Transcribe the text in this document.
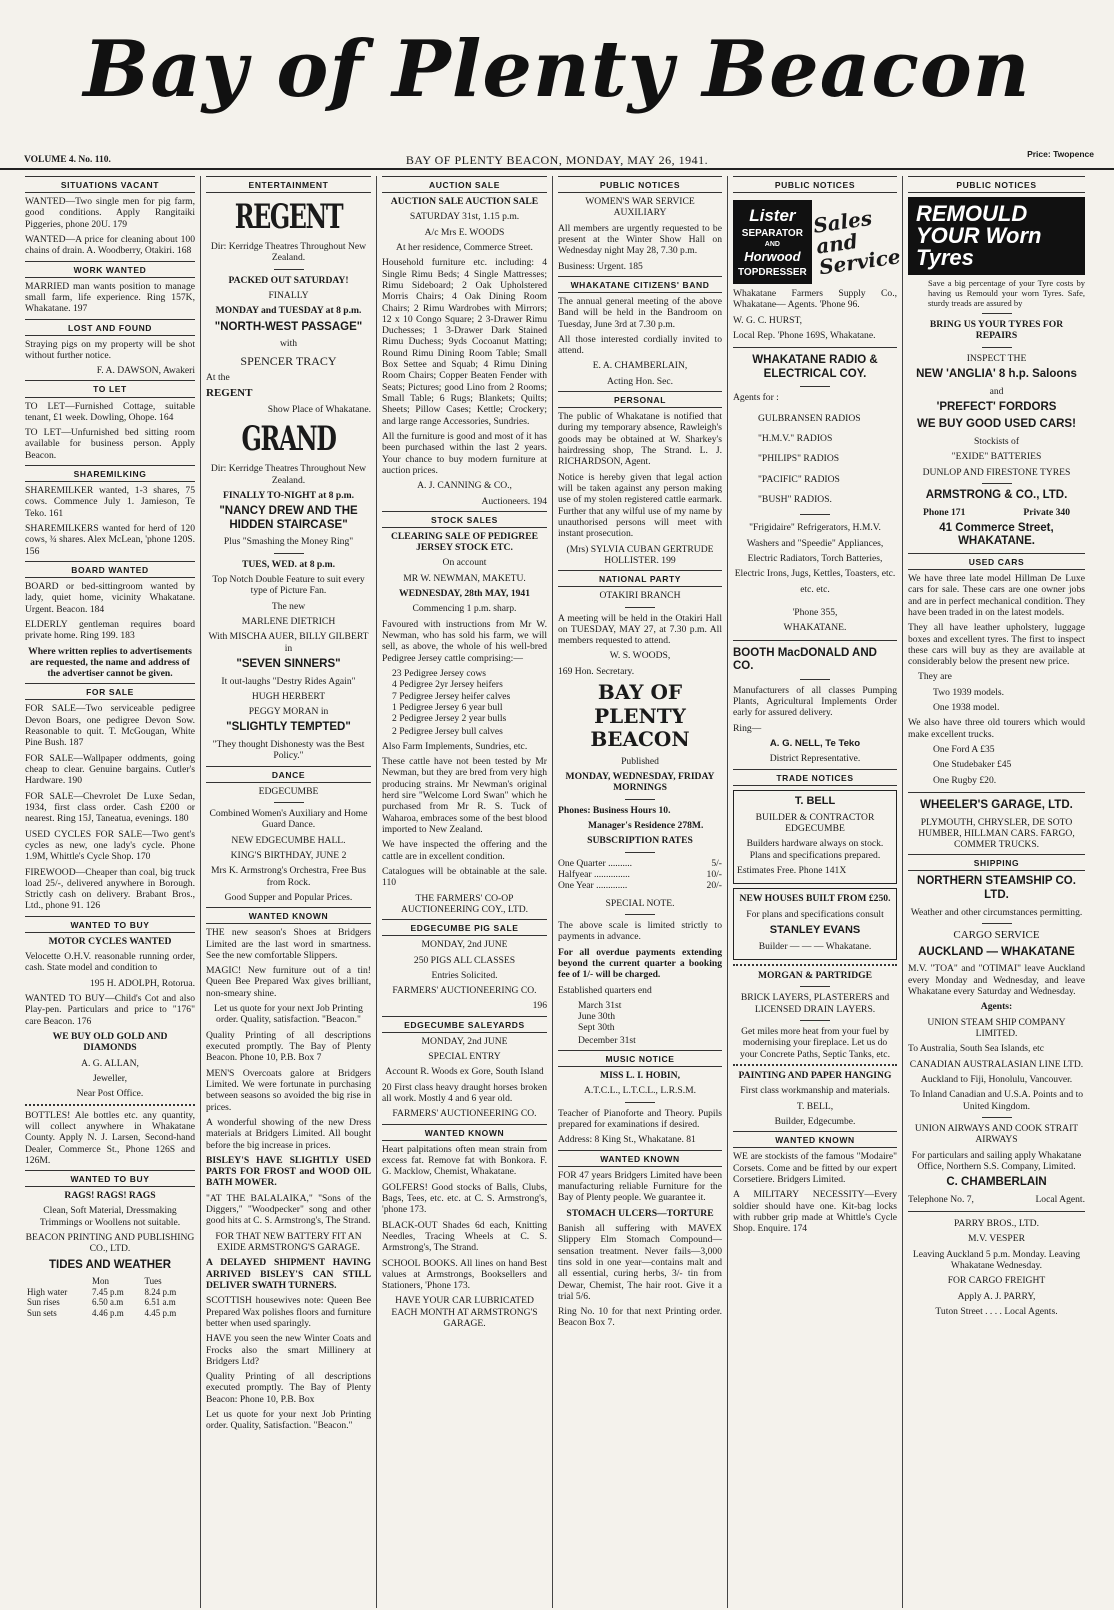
Bay of Plenty Beacon
VOLUME 4. No. 110.	BAY OF PLENTY BEACON, MONDAY, MAY 26, 1941.	Price: Twopence
SITUATIONS VACANT

WANTED—Two single men for pig farm, good conditions. Apply Rangitaiki Piggeries, phone 20U. 179

WANTED—A price for cleaning about 100 chains of drain. A. Woodberry, Otakiri. 168

WORK WANTED

MARRIED man wants position to manage small farm, life experience. Ring 157K, Whakatane. 197

LOST AND FOUND

Straying pigs on my property will be shot without further notice.

F. A. DAWSON, Awakeri

TO LET

TO LET—Furnished Cottage, suitable tenant, £1 week. Dowling, Ohope. 164

TO LET—Unfurnished bed sitting room available for business person. Apply Beacon.

SHAREMILKING

SHAREMILKER wanted, 1-3 shares, 75 cows. Commence July 1. Jamieson, Te Teko. 161

SHAREMILKERS wanted for herd of 120 cows, ¾ shares. Alex McLean, 'phone 120S. 156

BOARD WANTED

BOARD or bed-sittingroom wanted by lady, quiet home, vicinity Whakatane. Urgent. Beacon. 184

ELDERLY gentleman requires board private home. Ring 199. 183

Where written replies to advertisements are requested, the name and address of the advertiser cannot be given.

FOR SALE

FOR SALE—Two serviceable pedigree Devon Boars, one pedigree Devon Sow. Reasonable to quit. T. McGougan, White Pine Bush. 187

FOR SALE—Wallpaper oddments, going cheap to clear. Genuine bargains. Cutler's Hardware. 190

FOR SALE—Chevrolet De Luxe Sedan, 1934, first class order. Cash £200 or nearest. Ring 15J, Taneatua, evenings. 180

USED CYCLES FOR SALE—Two gent's cycles as new, one lady's cycle. Phone 1.9M, Whittle's Cycle Shop. 170

FIREWOOD—Cheaper than coal, big truck load 25/-, delivered anywhere in Borough. Strictly cash on delivery. Brabant Bros., Ltd., phone 91. 126

WANTED TO BUY

MOTOR CYCLES WANTED

Velocette O.H.V. reasonable running order, cash. State model and condition to

195 H. ADOLPH, Rotorua.

WANTED TO BUY—Child's Cot and also Play-pen. Particulars and price to "176" care Beacon. 176

WE BUY OLD GOLD AND DIAMONDS

A. G. ALLAN,

Jeweller,

Near Post Office.

BOTTLES! Ale bottles etc. any quantity, will collect anywhere in Whakatane County. Apply N. J. Larsen, Second-hand Dealer, Commerce St., Phone 126S and 126M.

WANTED TO BUY

RAGS! RAGS! RAGS

Clean, Soft Material, Dressmaking Trimmings or Woollens not suitable.

BEACON PRINTING AND PUBLISHING CO., LTD.

TIDES AND WEATHER
	Mon	Tues
High water	7.45 p.m	8.24 p.m
Sun rises	6.50 a.m	6.51 a.m
Sun sets	4.46 p.m	4.45 p.m
ENTERTAINMENT
REGENT

Dir: Kerridge Theatres Throughout New Zealand.

PACKED OUT SATURDAY!

FINALLY

MONDAY and TUESDAY at 8 p.m.

"NORTH-WEST PASSAGE"

with

SPENCER TRACY

At the

REGENT

Show Place of Whakatane.

GRAND

Dir: Kerridge Theatres Throughout New Zealand.

FINALLY TO-NIGHT at 8 p.m.

"NANCY DREW AND THE HIDDEN STAIRCASE"

Plus "Smashing the Money Ring"

TUES, WED. at 8 p.m.

Top Notch Double Feature to suit every type of Picture Fan.

The new

MARLENE DIETRICH

With MISCHA AUER, BILLY GILBERT in

"SEVEN SINNERS"

It out-laughs "Destry Rides Again"

HUGH HERBERT

PEGGY MORAN in

"SLIGHTLY TEMPTED"

"They thought Dishonesty was the Best Policy."

DANCE

EDGECUMBE

Combined Women's Auxiliary and Home Guard Dance.

NEW EDGECUMBE HALL.

KING'S BIRTHDAY, JUNE 2

Mrs K. Armstrong's Orchestra, Free Bus from Rock.

Good Supper and Popular Prices.

WANTED KNOWN

THE new season's Shoes at Bridgers Limited are the last word in smartness. See the new comfortable Slippers.

MAGIC! New furniture out of a tin! Queen Bee Prepared Wax gives brilliant, non-smeary shine.

Let us quote for your next Job Printing order. Quality, satisfaction. "Beacon."

Quality Printing of all descriptions executed promptly. The Bay of Plenty Beacon. Phone 10, P.B. Box 7

MEN'S Overcoats galore at Bridgers Limited. We were fortunate in purchasing between seasons so avoided the big rise in prices.

A wonderful showing of the new Dress materials at Bridgers Limited. All bought before the big increase in prices.

BISLEY'S HAVE SLIGHTLY USED PARTS FOR FROST and WOOD OIL BATH MOWER.

"AT THE BALALAIKA," "Sons of the Diggers," "Woodpecker" song and other good hits at C. S. Armstrong's, The Strand.

FOR THAT NEW BATTERY FIT AN EXIDE ARMSTRONG'S GARAGE.

A DELAYED SHIPMENT HAVING ARRIVED BISLEY'S CAN STILL DELIVER SWATH TURNERS.

SCOTTISH housewives note: Queen Bee Prepared Wax polishes floors and furniture better when used sparingly.

HAVE you seen the new Winter Coats and Frocks also the smart Millinery at Bridgers Ltd?

Quality Printing of all descriptions executed promptly. The Bay of Plenty Beacon: Phone 10, P.B. Box

Let us quote for your next Job Printing order. Quality, Satisfaction. "Beacon."

AUCTION SALE

AUCTION SALE AUCTION SALE

SATURDAY 31st, 1.15 p.m.

A/c Mrs E. WOODS

At her residence, Commerce Street.

Household furniture etc. including: 4 Single Rimu Beds; 4 Single Mattresses; Rimu Sideboard; 2 Oak Upholstered Morris Chairs; 4 Oak Dining Room Chairs; 2 Rimu Wardrobes with Mirrors; 12 x 10 Congo Square; 2 3-Drawer Rimu Duchesses; 1 3-Drawer Dark Stained Rimu Duchess; 9yds Cocoanut Matting; Round Rimu Dining Room Table; Small Box Settee and Squab; 4 Rimu Dining Room Chairs; Copper Beaten Fender with Seats; Pictures; good Lino from 2 Rooms; Small Table; 6 Rugs; Blankets; Quilts; Sheets; Pillow Cases; Kettle; Crockery; and large range Accessories, Sundries.

All the furniture is good and most of it has been purchased within the last 2 years. Your chance to buy modern furniture at auction prices.

A. J. CANNING & CO.,

Auctioneers. 194

STOCK SALES

CLEARING SALE OF PEDIGREE JERSEY STOCK ETC.

On account

MR W. NEWMAN, MAKETU.

WEDNESDAY, 28th MAY, 1941

Commencing 1 p.m. sharp.

Favoured with instructions from Mr W. Newman, who has sold his farm, we will sell, as above, the whole of his well-bred Pedigree Jersey cattle comprising:—

23 Pedigree Jersey cows

4 Pedigree 2yr Jersey heifers

7 Pedigree Jersey heifer calves

1 Pedigree Jersey 6 year bull

2 Pedigree Jersey 2 year bulls

2 Pedigree Jersey bull calves

Also Farm Implements, Sundries, etc.

These cattle have not been tested by Mr Newman, but they are bred from very high producing strains. Mr Newman's original herd sire "Welcome Lord Swan" which he purchased from Mr R. S. Tuck of Waharoa, embraces some of the best blood imported to New Zealand.

We have inspected the offering and the cattle are in excellent condition.

Catalogues will be obtainable at the sale. 110

THE FARMERS' CO-OP AUCTIONEERING COY., LTD.

EDGECUMBE PIG SALE

MONDAY, 2nd JUNE

250 PIGS ALL CLASSES

Entries Solicited.

FARMERS' AUCTIONEERING CO.

196

EDGECUMBE SALEYARDS

MONDAY, 2nd JUNE

SPECIAL ENTRY

Account R. Woods ex Gore, South Island

20 First class heavy draught horses broken all work. Mostly 4 and 6 year old.

FARMERS' AUCTIONEERING CO.

WANTED KNOWN

Heart palpitations often mean strain from excess fat. Remove fat with Bonkora. F. G. Macklow, Chemist, Whakatane.

GOLFERS! Good stocks of Balls, Clubs, Bags, Tees, etc. etc. at C. S. Armstrong's, 'phone 173.

BLACK-OUT Shades 6d each, Knitting Needles, Tracing Wheels at C. S. Armstrong's, The Strand.

SCHOOL BOOKS. All lines on hand Best values at Armstrongs, Booksellers and Stationers, 'Phone 173.

HAVE YOUR CAR LUBRICATED EACH MONTH AT ARMSTRONG'S GARAGE.

PUBLIC NOTICES

WOMEN'S WAR SERVICE AUXILIARY

All members are urgently requested to be present at the Winter Show Hall on Wednesday night May 28, 7.30 p.m.

Business: Urgent. 185

WHAKATANE CITIZENS' BAND

The annual general meeting of the above Band will be held in the Bandroom on Tuesday, June 3rd at 7.30 p.m.

All those interested cordially invited to attend.

E. A. CHAMBERLAIN,

Acting Hon. Sec.

PERSONAL

The public of Whakatane is notified that during my temporary absence, Rawleigh's goods may be obtained at W. Sharkey's hairdressing shop, The Strand. L. J. RICHARDSON, Agent.

Notice is hereby given that legal action will be taken against any person making use of my stolen registered cattle earmark. Further that any wilful use of my name by unauthorised persons will meet with instant prosecution.

(Mrs) SYLVIA CUBAN GERTRUDE HOLLISTER. 199

NATIONAL PARTY

OTAKIRI BRANCH

A meeting will be held in the Otakiri Hall on TUESDAY, MAY 27, at 7.30 p.m. All members requested to attend.

W. S. WOODS,

169 Hon. Secretary.

BAY OF PLENTY BEACON

Published

MONDAY, WEDNESDAY, FRIDAY MORNINGS

Phones: Business Hours 10.

Manager's Residence 278M.

SUBSCRIPTION RATES

One Quarter ..........	5/-
Halfyear ...............	10/-
One Year .............	20/-

SPECIAL NOTE.

The above scale is limited strictly to payments in advance.

For all overdue payments extending beyond the current quarter a booking fee of 1/- will be charged.

Established quarters end

March 31st

June 30th

Sept 30th

December 31st

MUSIC NOTICE

MISS L. I. HOBIN,

A.T.C.L., L.T.C.L., L.R.S.M.

Teacher of Pianoforte and Theory. Pupils prepared for examinations if desired.

Address: 8 King St., Whakatane. 81

WANTED KNOWN

FOR 47 years Bridgers Limited have been manufacturing reliable Furniture for the Bay of Plenty people. We guarantee it.

STOMACH ULCERS—TORTURE

Banish all suffering with MAVEX Slippery Elm Stomach Compound—sensation treatment. Never fails—3,000 tins sold in one year—contains malt and all essential, curing herbs, 3/- tin from Dewar, Chemist, The hair root. Give it a trial 5/6.

Ring No. 10 for that next Printing order. Beacon Box 7.

PUBLIC NOTICES
Lister
SEPARATOR
AND
Horwood
TOPDRESSER
Sales and Service

Whakatane Farmers Supply Co., Whakatane— Agents. 'Phone 96.

W. G. C. HURST,

Local Rep. 'Phone 169S, Whakatane.

WHAKATANE RADIO & ELECTRICAL COY.

Agents for :

GULBRANSEN RADIOS

"H.M.V." RADIOS

"PHILIPS" RADIOS

"PACIFIC" RADIOS

"BUSH" RADIOS.

"Frigidaire" Refrigerators, H.M.V. Washers and "Speedie" Appliances, Electric Radiators, Torch Batteries, Electric Irons, Jugs, Kettles, Toasters, etc. etc. etc.

'Phone 355,

WHAKATANE.

BOOTH MacDONALD AND CO.

Manufacturers of all classes Pumping Plants, Agricultural Implements Order early for assured delivery.

Ring—

A. G. NELL, Te Teko

District Representative.

TRADE NOTICES

T. BELL

BUILDER & CONTRACTOR EDGECUMBE

Builders hardware always on stock. Plans and specifications prepared.

Estimates Free. Phone 141X

NEW HOUSES BUILT FROM £250.

For plans and specifications consult

STANLEY EVANS

Builder — — — Whakatane.

MORGAN & PARTRIDGE

BRICK LAYERS, PLASTERERS and LICENSED DRAIN LAYERS.

Get miles more heat from your fuel by modernising your fireplace. Let us do your Concrete Paths, Septic Tanks, etc.

PAINTING AND PAPER HANGING

First class workmanship and materials.

T. BELL,

Builder, Edgecumbe.

WANTED KNOWN

WE are stockists of the famous "Modaire" Corsets. Come and be fitted by our expert Corsetiere. Bridgers Limited.

A MILITARY NECESSITY—Every soldier should have one. Kit-bag locks with rubber grip made at Whittle's Cycle Shop. Enquire. 174

PUBLIC NOTICES
REMOULD YOUR Worn Tyres

Save a big percentage of your Tyre costs by having us Remould your worn Tyres. Safe, sturdy treads are assured by

BRING US YOUR TYRES FOR REPAIRS

INSPECT THE

NEW 'ANGLIA' 8 h.p. Saloons

and

'PREFECT' FORDORS
WE BUY GOOD USED CARS!

Stockists of

"EXIDE" BATTERIES

DUNLOP AND FIRESTONE TYRES

ARMSTRONG & CO., LTD.
Phone 171	Private 340
41 Commerce Street, WHAKATANE.
USED CARS

We have three late model Hillman De Luxe cars for sale. These cars are one owner jobs and are in perfect mechanical condition. They have been traded in on the latest models.

They all have leather upholstery, luggage boxes and excellent tyres. The first to inspect these cars will buy as they are available at considerably below the present new price.

They are

Two 1939 models.

One 1938 model.

We also have three old tourers which would make excellent trucks.

One Ford A £35

One Studebaker £45

One Rugby £20.

WHEELER'S GARAGE, LTD.

PLYMOUTH, CHRYSLER, DE SOTO HUMBER, HILLMAN CARS. FARGO, COMMER TRUCKS.

SHIPPING
NORTHERN STEAMSHIP CO. LTD.

Weather and other circumstances permitting.

CARGO SERVICE

AUCKLAND — WHAKATANE

M.V. "TOA" and "OTIMAI" leave Auckland every Monday and Wednesday, and leave Whakatane every Saturday and Wednesday.

Agents:

UNION STEAM SHIP COMPANY LIMITED.

To Australia, South Sea Islands, etc

CANADIAN AUSTRALASIAN LINE LTD.

Auckland to Fiji, Honolulu, Vancouver.

To Inland Canadian and U.S.A. Points and to United Kingdom.

UNION AIRWAYS AND COOK STRAIT AIRWAYS

For particulars and sailing apply Whakatane Office, Northern S.S. Company, Limited.

C. CHAMBERLAIN
Telephone No. 7,	Local Agent.

PARRY BROS., LTD.

M.V. VESPER

Leaving Auckland 5 p.m. Monday. Leaving Whakatane Wednesday.

FOR CARGO FREIGHT

Apply A. J. PARRY,

Tuton Street . . . . Local Agents.
